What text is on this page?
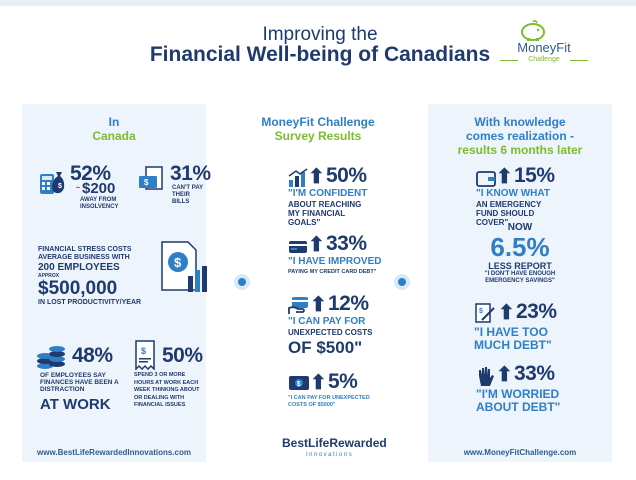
Improving the
Financial Well-being of Canadians	MoneyFit
Challenge
In
Canada
MoneyFit Challenge
Survey Results
With knowledge
comes realization -
results 6 months later
$
52%
~ $200
AWAY FROM INSOLVENCY
$ 31%
CAN'T PAY THEIR BILLS
FINANCIAL STRESS COSTS
AVERAGE BUSINESS WITH
200 EMPLOYEES
APPROX
$500,000
IN LOST PRODUCTIVITY/YEAR
$
48%
OF EMPLOYEES SAY FINANCES HAVE BEEN A DISTRACTION
AT WORK
$ 50%
SPEND 3 OR MORE HOURS AT WORK EACH WEEK THINKING ABOUT OR DEALING WITH FINANCIAL ISSUES
www.BestLifeRewardedInnovations.com
⬆ 50%
"I'M CONFIDENT
ABOUT REACHING MY FINANCIAL GOALS"
⬆ 33%
"I HAVE IMPROVED
PAYING MY CREDIT CARD DEBT"
⬆ 12%
"I CAN PAY FOR
UNEXPECTED COSTS
OF $500"
$ ⬆ 5%
"I CAN PAY FOR UNEXPECTED COSTS OF $5000"
BestLifeRewarded
Innovations
⬆ 15%
"I KNOW WHAT
AN EMERGENCY FUND SHOULD COVER" NOW
6.5%
LESS REPORT
"I DON'T HAVE ENOUGH EMERGENCY SAVINGS"
$ ⬆ 23%
"I HAVE TOO MUCH DEBT"
⬆ 33%
"I'M WORRIED ABOUT DEBT"
www.MoneyFitChallenge.com
